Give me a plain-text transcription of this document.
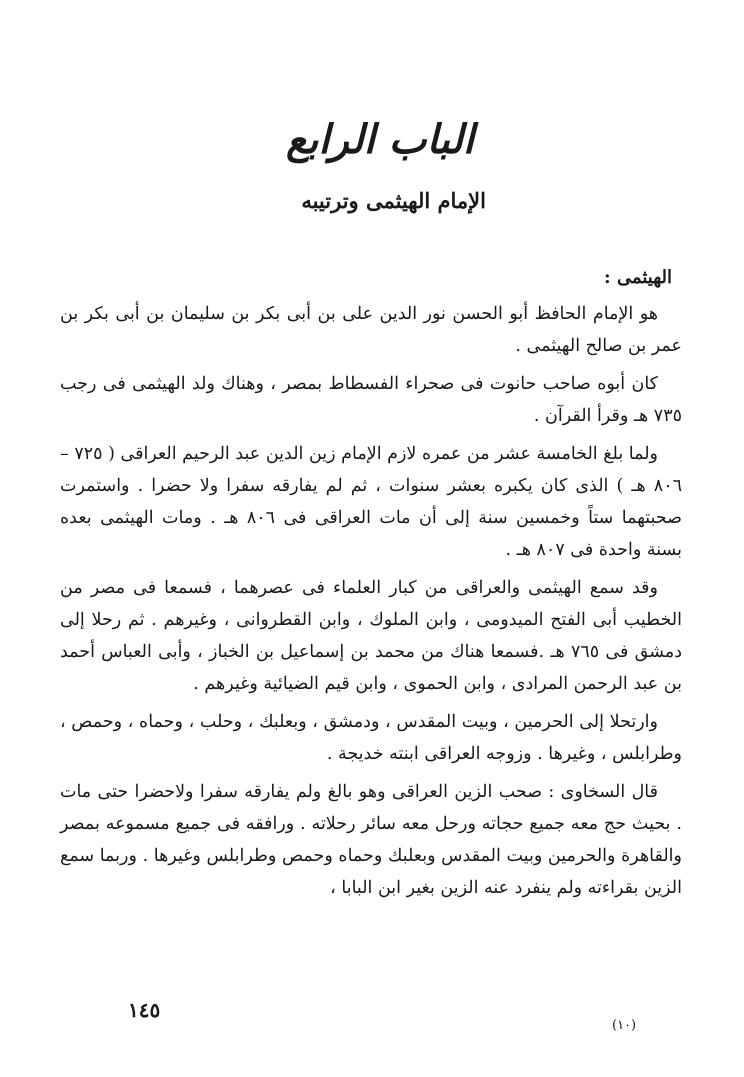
الباب الرابع
الإمام الهيثمى وترتيبه
الهيثمى :

هو الإمام الحافظ أبو الحسن نور الدين على بن أبى بكر بن سليمان بن أبى بكر بن عمر بن صالح الهيثمى .

كان أبوه صاحب حانوت فى صحراء الفسطاط بمصر ، وهناك ولد الهيثمى فى رجب ٧٣٥ هـ وقرأ القرآن .

ولما بلغ الخامسة عشر من عمره لازم الإمام زين الدين عبد الرحيم العراقى ( ٧٢٥ – ٨٠٦ هـ ) الذى كان يكبره بعشر سنوات ، ثم لم يفارقه سفرا ولا حضرا . واستمرت صحبتهما ستاً وخمسين سنة إلى أن مات العراقى فى ٨٠٦ هـ . ومات الهيثمى بعده بسنة واحدة فى ٨٠٧ هـ .

وقد سمع الهيثمى والعراقى من كبار العلماء فى عصرهما ، فسمعا فى مصر من الخطيب أبى الفتح الميدومى ، وابن الملوك ، وابن القطروانى ، وغيرهم . ثم رحلا إلى دمشق فى ٧٦٥ هـ .فسمعا هناك من محمد بن إسماعيل بن الخباز ، وأبى العباس أحمد بن عبد الرحمن المرادى ، وابن الحموى ، وابن قيم الضيائية وغيرهم .

وارتحلا إلى الحرمين ، وبيت المقدس ، ودمشق ، وبعلبك ، وحلب ، وحماه ، وحمص ، وطرابلس ، وغيرها . وزوجه العراقى ابنته خديجة .

قال السخاوى : صحب الزين العراقى وهو بالغ ولم يفارقه سفرا ولاحضرا حتى مات . بحيث حج معه جميع حجاته ورحل معه سائر رحلاته . ورافقه فى جميع مسموعه بمصر والقاهرة والحرمين وبيت المقدس وبعلبك وحماه وحمص وطرابلس وغيرها . وربما سمع الزين بقراءته ولم ينفرد عنه الزين بغير ابن البابا ،

١٤٥
(١٠)
